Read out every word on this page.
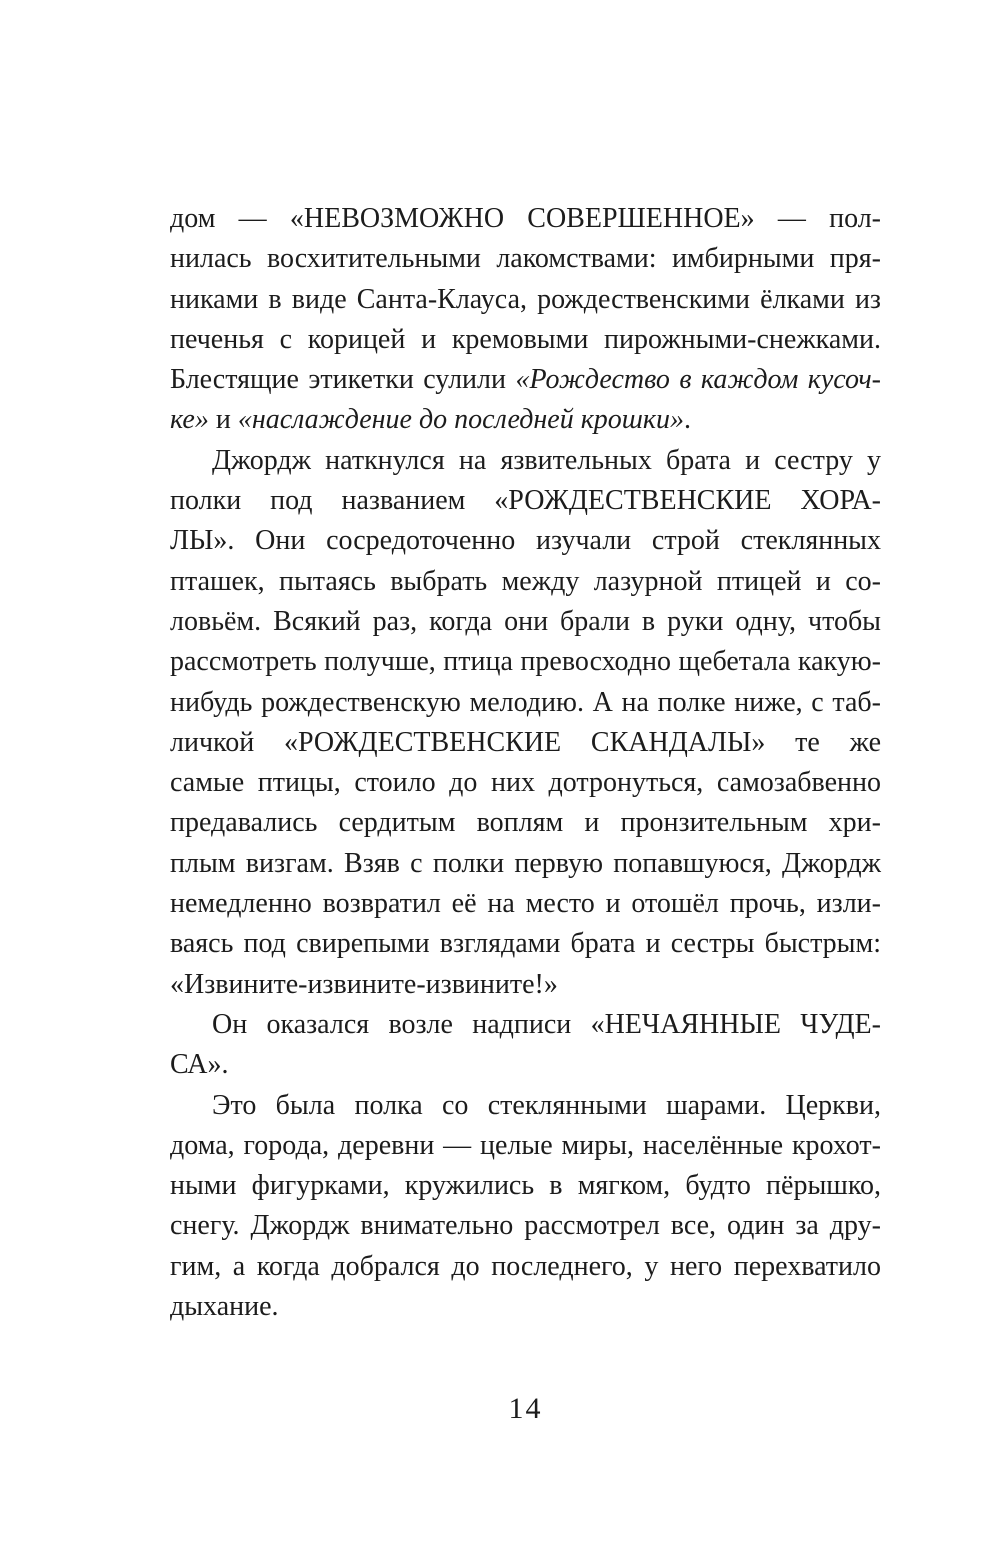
дом — «НЕВОЗМОЖНО СОВЕРШЕННОЕ» — пол-
нилась восхитительными лакомствами: имбирными пря-
никами в виде Санта-Клауса, рождественскими ёлками из
печенья с корицей и кремовыми пирожными-снежками.
Блестящие этикетки сулили «Рождество в каждом кусоч-
ке» и «наслаждение до последней крошки».
Джордж наткнулся на язвительных брата и сестру у
полки под названием «РОЖДЕСТВЕНСКИЕ ХОРА-
ЛЫ». Они сосредоточенно изучали строй стеклянных
пташек, пытаясь выбрать между лазурной птицей и со-
ловьём. Всякий раз, когда они брали в руки одну, чтобы
рассмотреть получше, птица превосходно щебетала какую-
нибудь рождественскую мелодию. А на полке ниже, с таб-
личкой «РОЖДЕСТВЕНСКИЕ СКАНДАЛЫ» те же
самые птицы, стоило до них дотронуться, самозабвенно
предавались сердитым воплям и пронзительным хри-
плым визгам. Взяв с полки первую попавшуюся, Джордж
немедленно возвратил её на место и отошёл прочь, изли-
ваясь под свирепыми взглядами брата и сестры быстрым:
«Извините-извините-извините!»
Он оказался возле надписи «НЕЧАЯННЫЕ ЧУДЕ-
СА».
Это была полка со стеклянными шарами. Церкви,
дома, города, деревни — целые миры, населённые крохот-
ными фигурками, кружились в мягком, будто пёрышко,
снегу. Джордж внимательно рассмотрел все, один за дру-
гим, а когда добрался до последнего, у него перехватило
дыхание.
14
